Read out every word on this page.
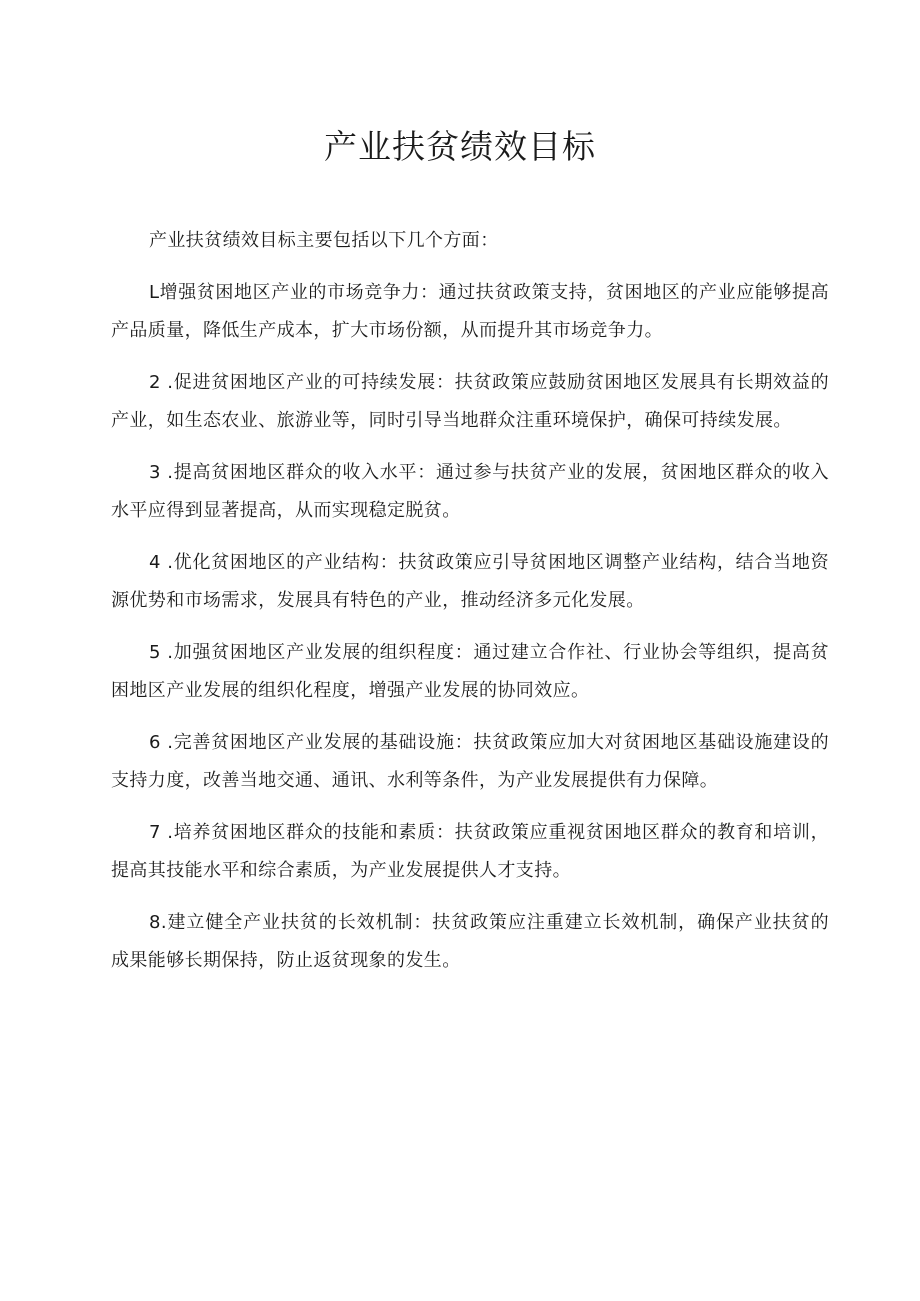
产业扶贫绩效目标

产业扶贫绩效目标主要包括以下几个方面：

L增强贫困地区产业的市场竞争力：通过扶贫政策支持，贫困地区的产业应能够提高产品质量，降低生产成本，扩大市场份额，从而提升其市场竞争力。

2 .促进贫困地区产业的可持续发展：扶贫政策应鼓励贫困地区发展具有长期效益的产业，如生态农业、旅游业等，同时引导当地群众注重环境保护，确保可持续发展。

3 .提高贫困地区群众的收入水平：通过参与扶贫产业的发展，贫困地区群众的收入水平应得到显著提高，从而实现稳定脱贫。

4 .优化贫困地区的产业结构：扶贫政策应引导贫困地区调整产业结构，结合当地资源优势和市场需求，发展具有特色的产业，推动经济多元化发展。

5 .加强贫困地区产业发展的组织程度：通过建立合作社、行业协会等组织，提高贫困地区产业发展的组织化程度，增强产业发展的协同效应。

6 .完善贫困地区产业发展的基础设施：扶贫政策应加大对贫困地区基础设施建设的支持力度，改善当地交通、通讯、水利等条件，为产业发展提供有力保障。

7 .培养贫困地区群众的技能和素质：扶贫政策应重视贫困地区群众的教育和培训，提高其技能水平和综合素质，为产业发展提供人才支持。

8.建立健全产业扶贫的长效机制：扶贫政策应注重建立长效机制，确保产业扶贫的成果能够长期保持，防止返贫现象的发生。
